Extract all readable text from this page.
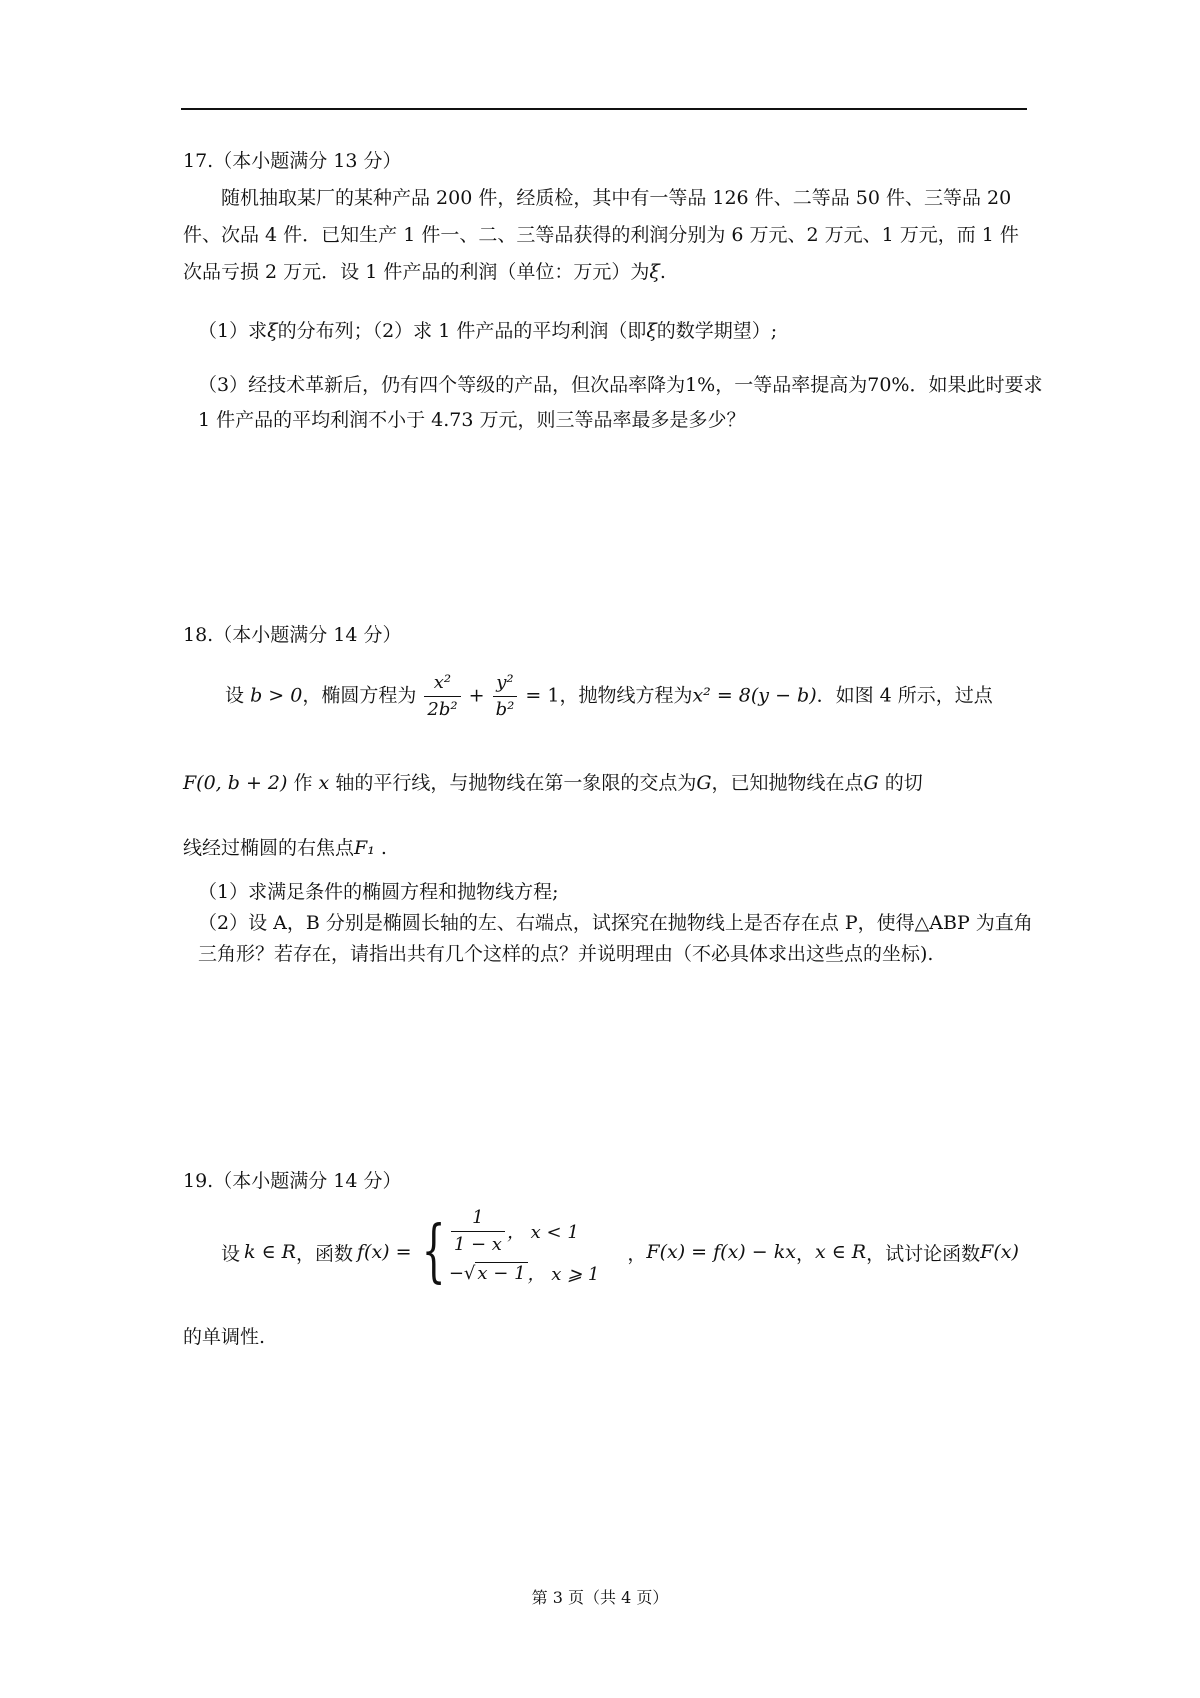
17.（本小题满分 13 分）
随机抽取某厂的某种产品 200 件，经质检，其中有一等品 126 件、二等品 50 件、三等品 20 件、次品 4 件．已知生产 1 件一、二、三等品获得的利润分别为 6 万元、2 万元、1 万元，而 1 件次品亏损 2 万元．设 1 件产品的利润（单位：万元）为ξ.
（1）求ξ的分布列；（2）求 1 件产品的平均利润（即ξ的数学期望）;
（3）经技术革新后，仍有四个等级的产品，但次品率降为1%，一等品率提高为70%．如果此时要求 1 件产品的平均利润不小于 4.73 万元，则三等品率最多是多少？
18.（本小题满分 14 分）
设 b > 0，椭圆方程为 $\frac{\text{x²}}{\text{2b²}} + \frac{\text{y²}}{\text{b²}} = 1$，抛物线方程为x² = 8(y − b)．如图 4 所示，过点
F(0, b + 2) 作 x 轴的平行线，与抛物线在第一象限的交点为G，已知抛物线在点G 的切
线经过椭圆的右焦点F₁ .
（1）求满足条件的椭圆方程和抛物线方程;
（2）设 A，B 分别是椭圆长轴的左、右端点，试探究在抛物线上是否存在点 P，使得△ABP 为直角三角形？若存在，请指出共有几个这样的点？并说明理由（不必具体求出这些点的坐标).
19.（本小题满分 14 分）
设 k ∈ R ，函数 f(x) = { $\frac{1}{1 - x}$ ， x < 1
− √ x − 1 ， x ⩾ 1
， F(x) = f(x) − kx ， x ∈ R ，试讨论函数 F(x)
的单调性.
第 3 页（共 4 页）
